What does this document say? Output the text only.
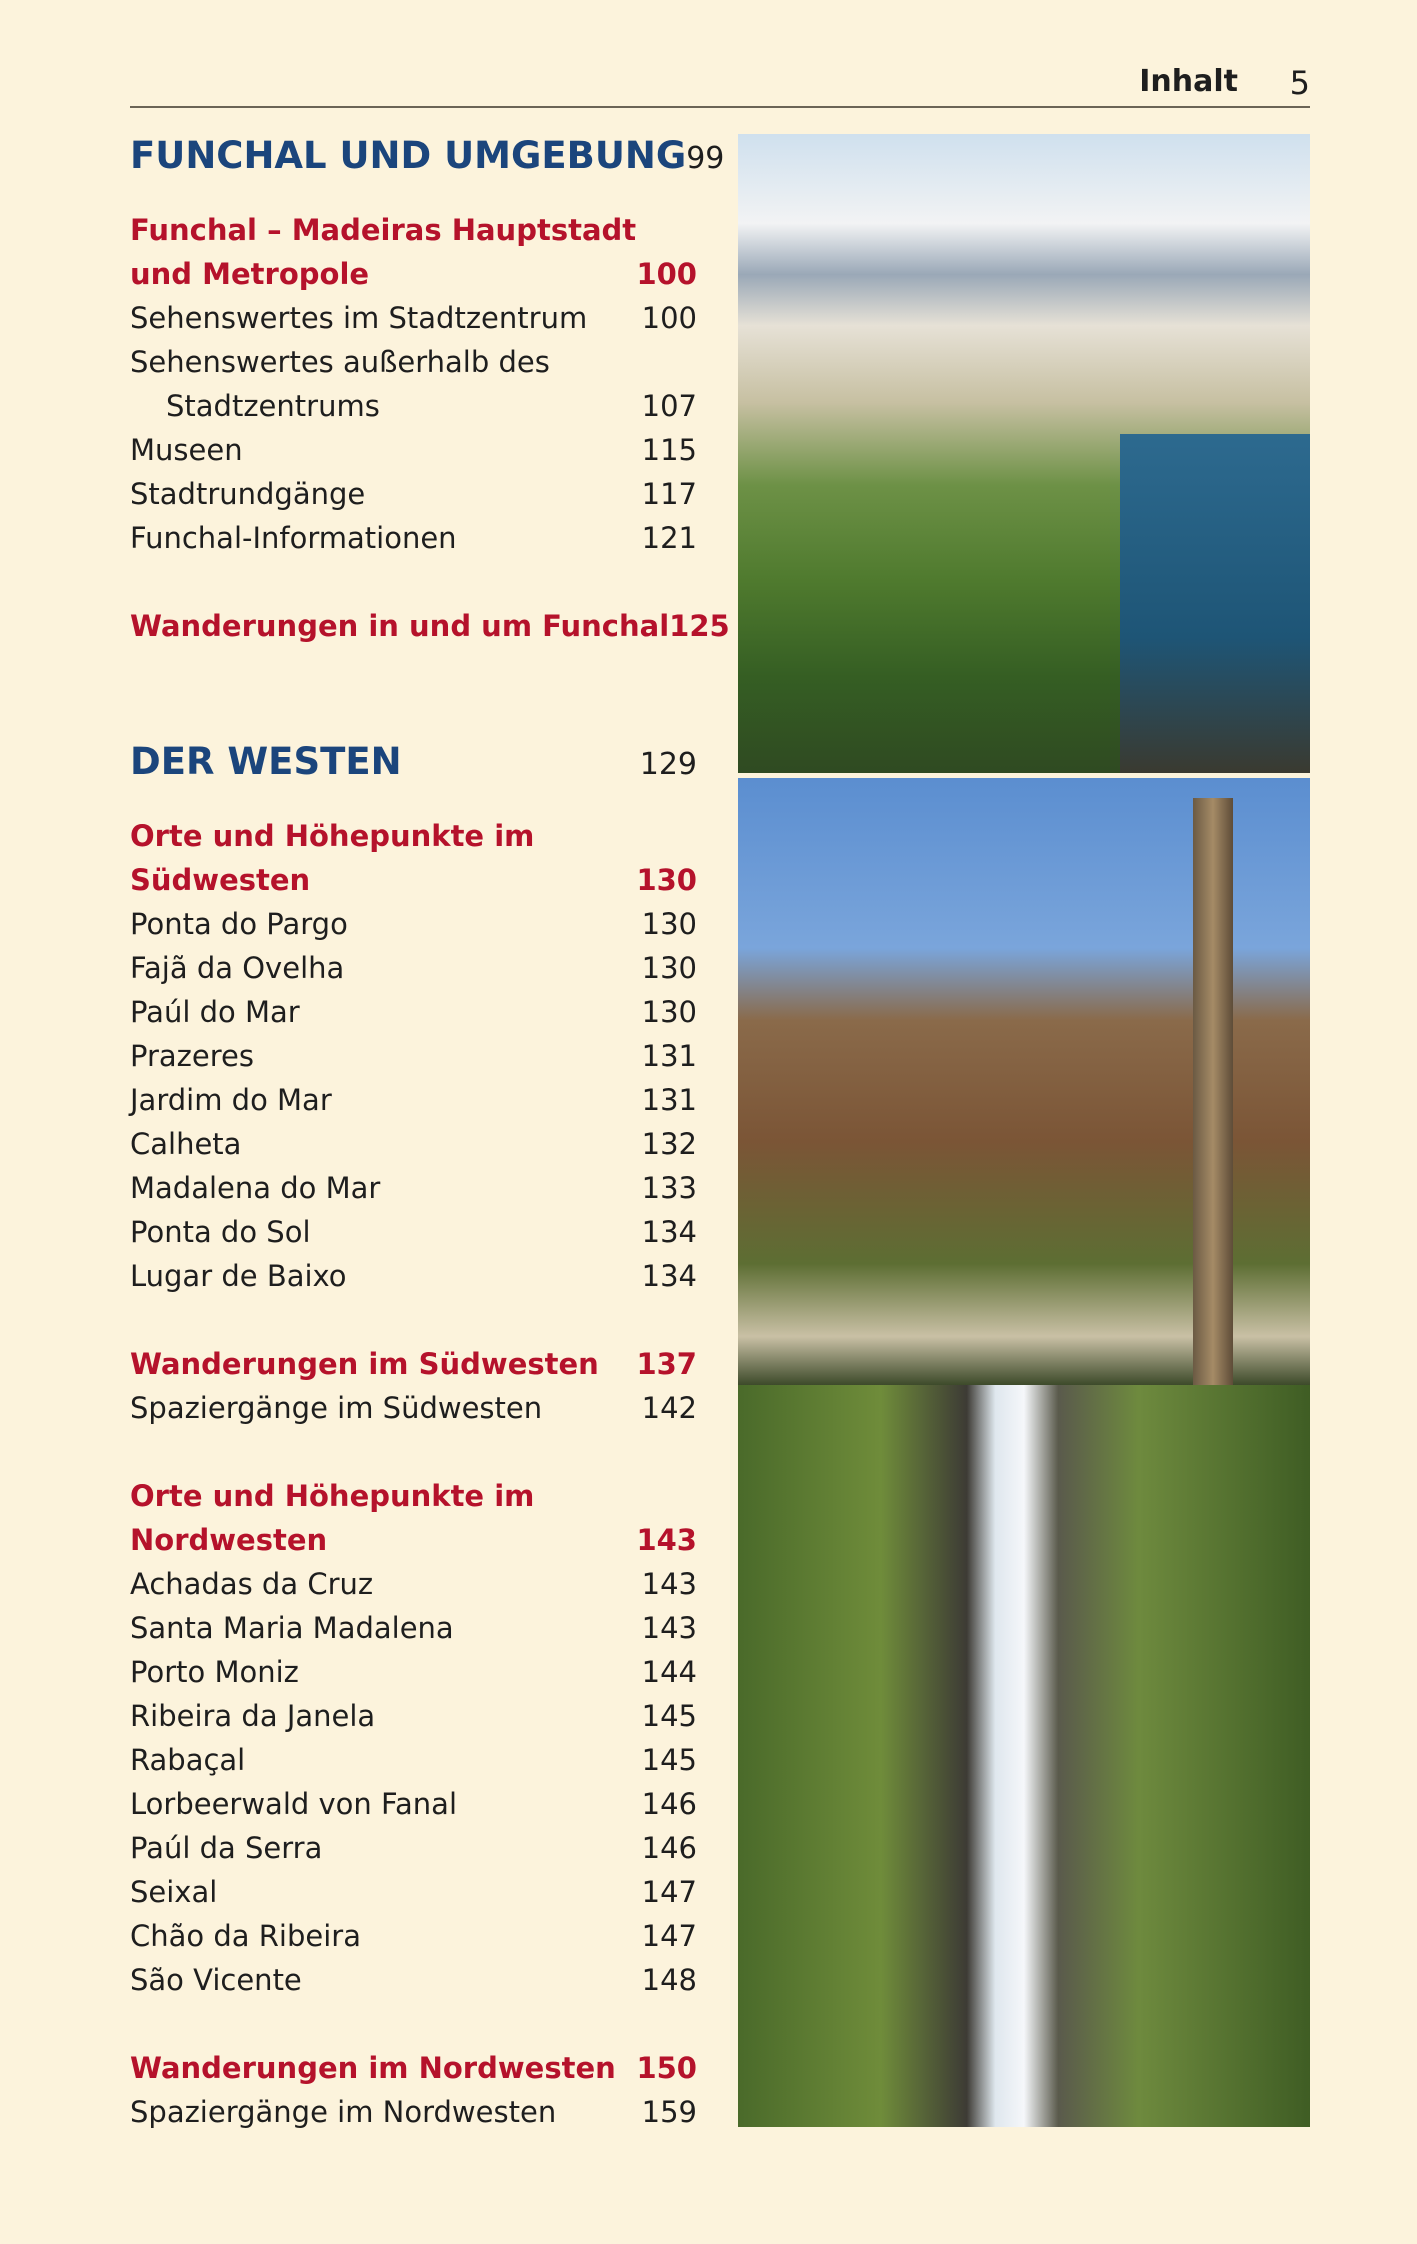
Inhalt 5
FUNCHAL UND UMGEBUNG 99
Funchal – Madeiras Hauptstadt
und Metropole	100
Sehenswertes im Stadtzentrum 100
Sehenswertes außerhalb des
Stadtzentrums	107
Museen	115
Stadtrundgänge	117
Funchal-Informationen	121
Wanderungen in und um Funchal 125
DER WESTEN	129
Orte und Höhepunkte im
Südwesten	130
Ponta do Pargo	130
Fajã da Ovelha	130
Paúl do Mar	130
Prazeres	131
Jardim do Mar	131
Calheta	132
Madalena do Mar	133
Ponta do Sol	134
Lugar de Baixo	134
Wanderungen im Südwesten 137
Spaziergänge im Südwesten	142
Orte und Höhepunkte im
Nordwesten	143
Achadas da Cruz	143
Santa Maria Madalena	143
Porto Moniz	144
Ribeira da Janela	145
Rabaçal	145
Lorbeerwald von Fanal	146
Paúl da Serra	146
Seixal	147
Chão da Ribeira	147
São Vicente	148
Wanderungen im Nordwesten 150
Spaziergänge im Nordwesten	159
